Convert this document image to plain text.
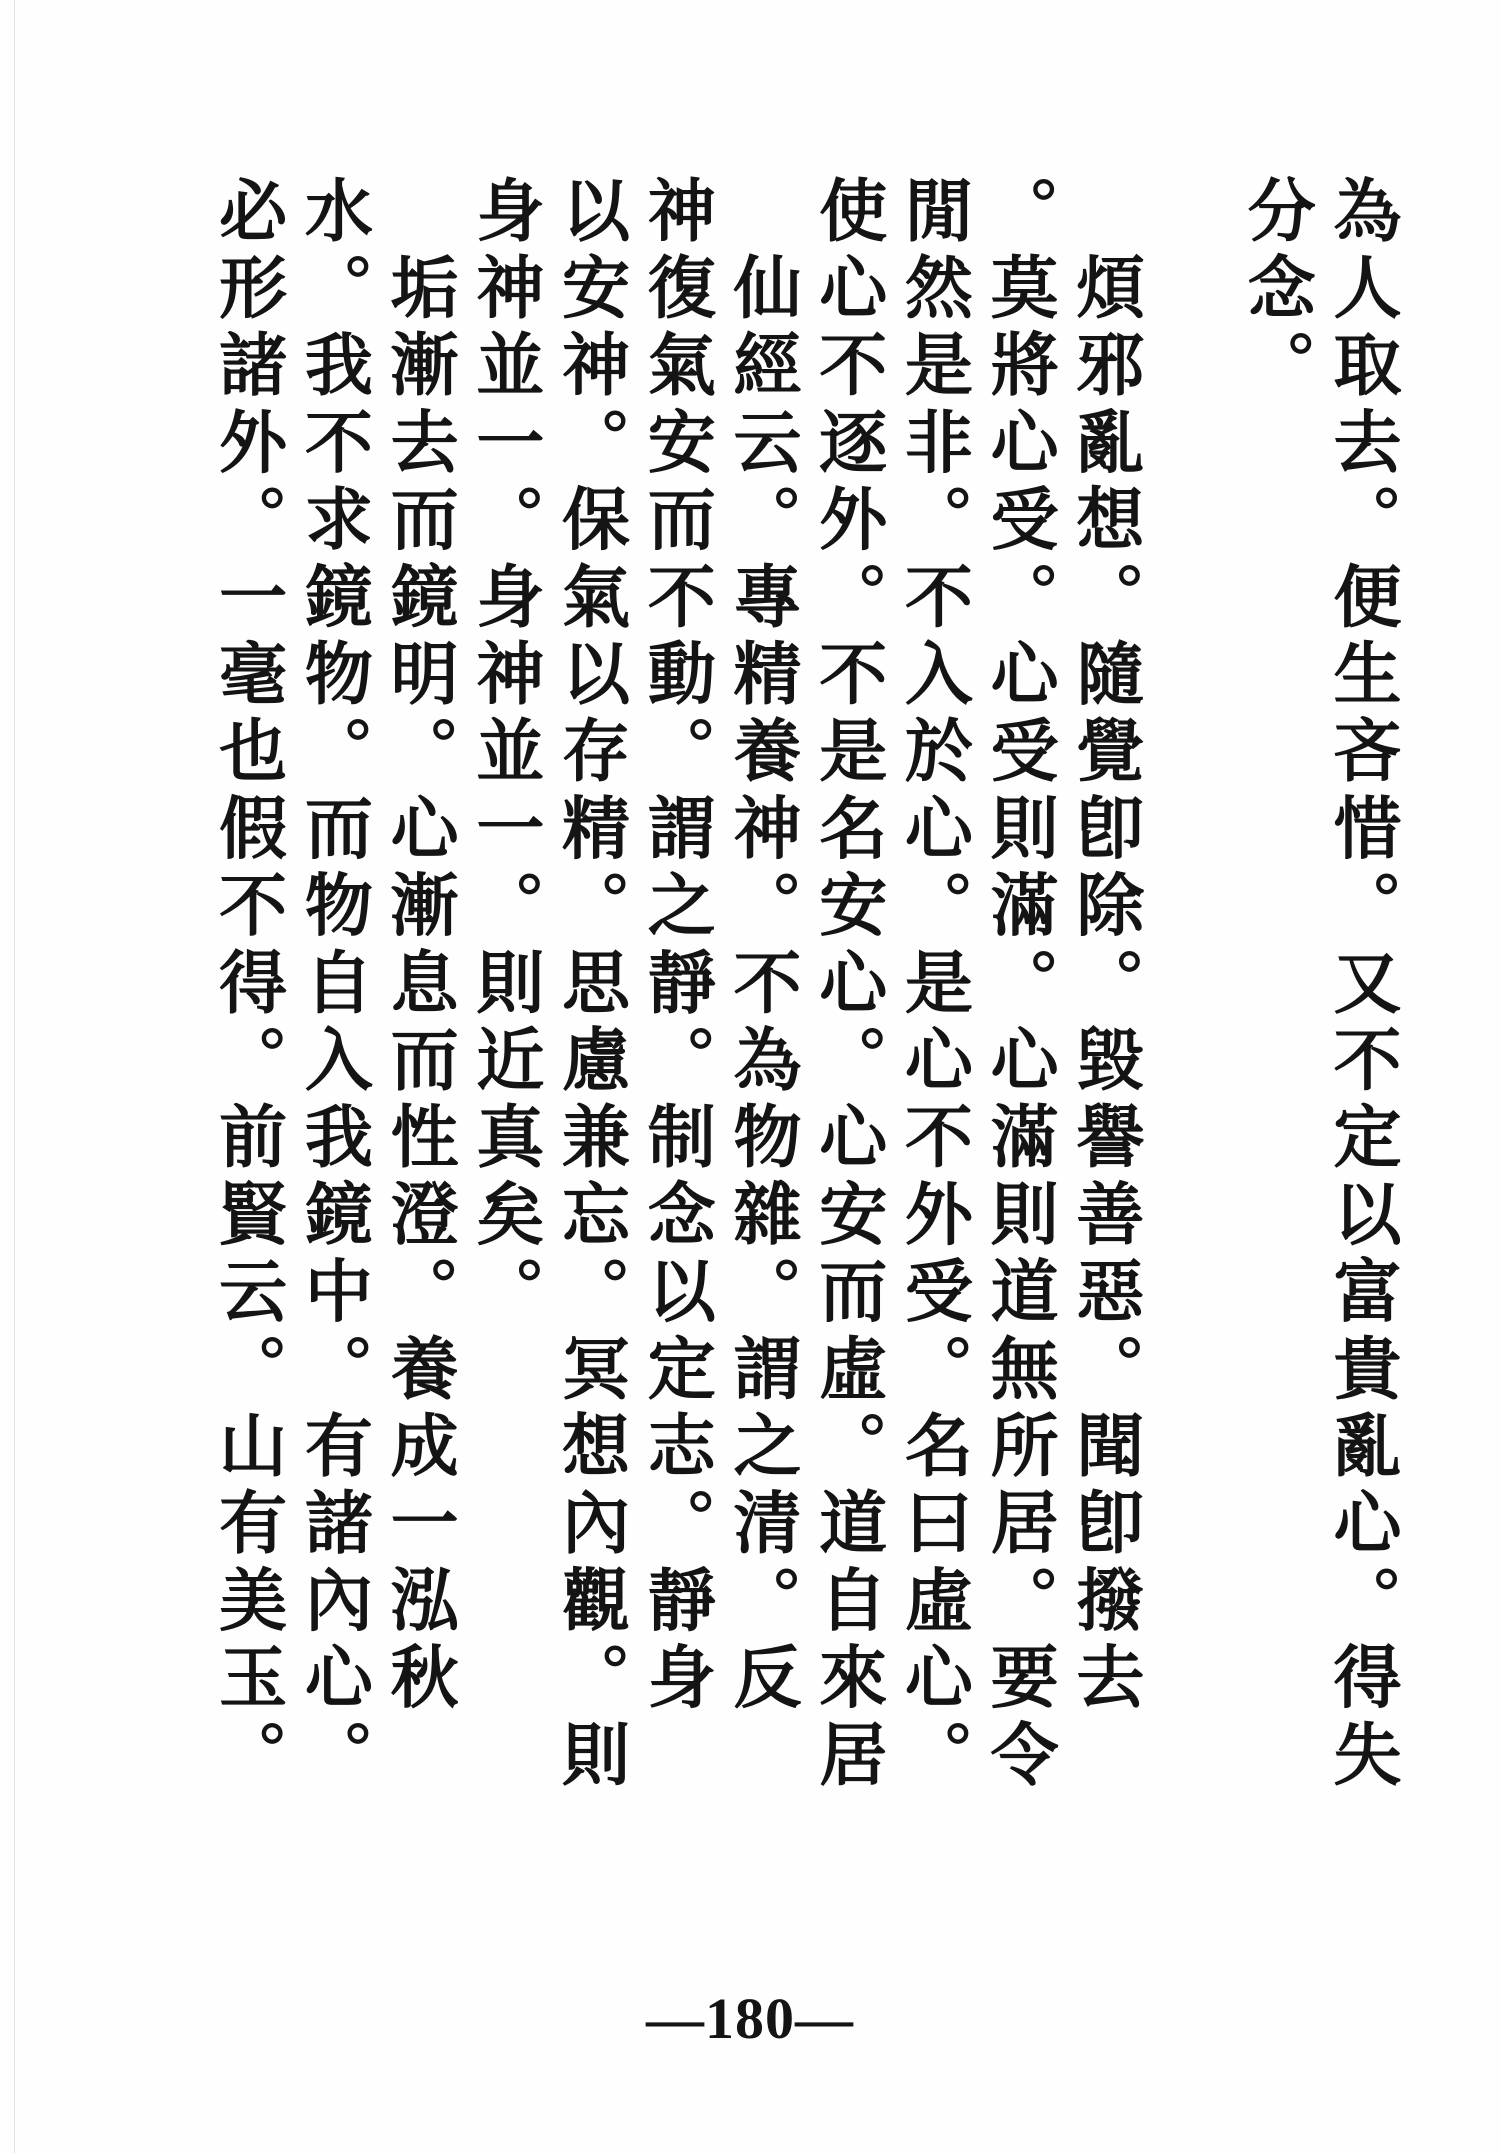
為人取去。便生吝惜。又不定以富貴亂心。得失
分念。
　煩邪亂想。隨覺卽除。毀譽善惡。聞卽撥去
。莫將心受。心受則滿。心滿則道無所居。要令
閒然是非。不入於心。是心不外受。名曰虛心。
使心不逐外。不是名安心。心安而虛。道自來居
　仙經云。專精養神。不為物雜。謂之清。反
神復氣安而不動。謂之靜。制念以定志。靜身
以安神。保氣以存精。思慮兼忘。冥想內觀。則
身神並一。身神並一。則近真矣。
　垢漸去而鏡明。心漸息而性澄。養成一泓秋
水。我不求鏡物。而物自入我鏡中。有諸內心。
必形諸外。一毫也假不得。前賢云。山有美玉。
—180—
